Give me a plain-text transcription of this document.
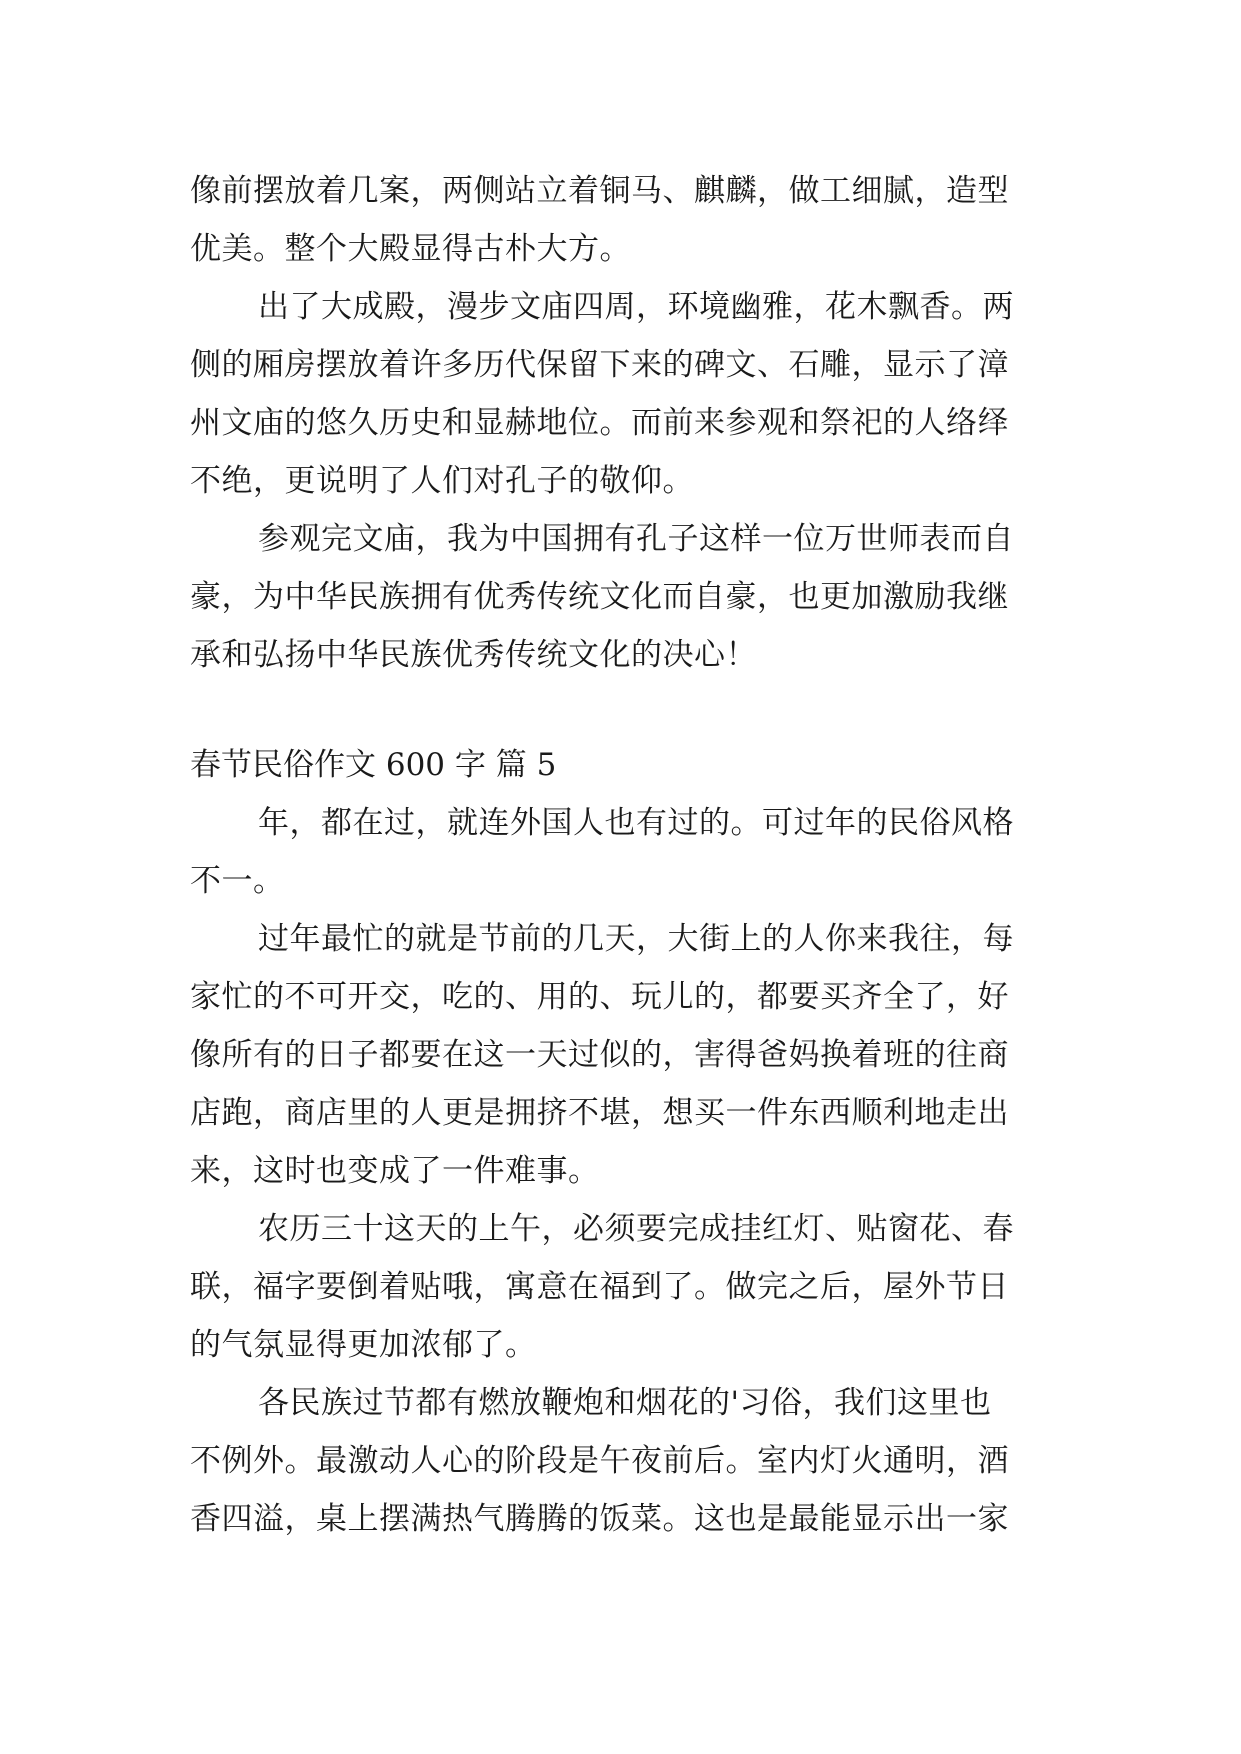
像前摆放着几案，两侧站立着铜马、麒麟，做工细腻，造型
优美。整个大殿显得古朴大方。
出了大成殿，漫步文庙四周，环境幽雅，花木飘香。两
侧的厢房摆放着许多历代保留下来的碑文、石雕，显示了漳
州文庙的悠久历史和显赫地位。而前来参观和祭祀的人络绎
不绝，更说明了人们对孔子的敬仰。
参观完文庙，我为中国拥有孔子这样一位万世师表而自
豪，为中华民族拥有优秀传统文化而自豪，也更加激励我继
承和弘扬中华民族优秀传统文化的决心！
春节民俗作文 600 字 篇 5
年，都在过，就连外国人也有过的。可过年的民俗风格
不一。
过年最忙的就是节前的几天，大街上的人你来我往，每
家忙的不可开交，吃的、用的、玩儿的，都要买齐全了，好
像所有的日子都要在这一天过似的，害得爸妈换着班的往商
店跑，商店里的人更是拥挤不堪，想买一件东西顺利地走出
来，这时也变成了一件难事。
农历三十这天的上午，必须要完成挂红灯、贴窗花、春
联，福字要倒着贴哦，寓意在福到了。做完之后，屋外节日
的气氛显得更加浓郁了。
各民族过节都有燃放鞭炮和烟花的'习俗，我们这里也
不例外。最激动人心的阶段是午夜前后。室内灯火通明，酒
香四溢，桌上摆满热气腾腾的饭菜。这也是最能显示出一家
